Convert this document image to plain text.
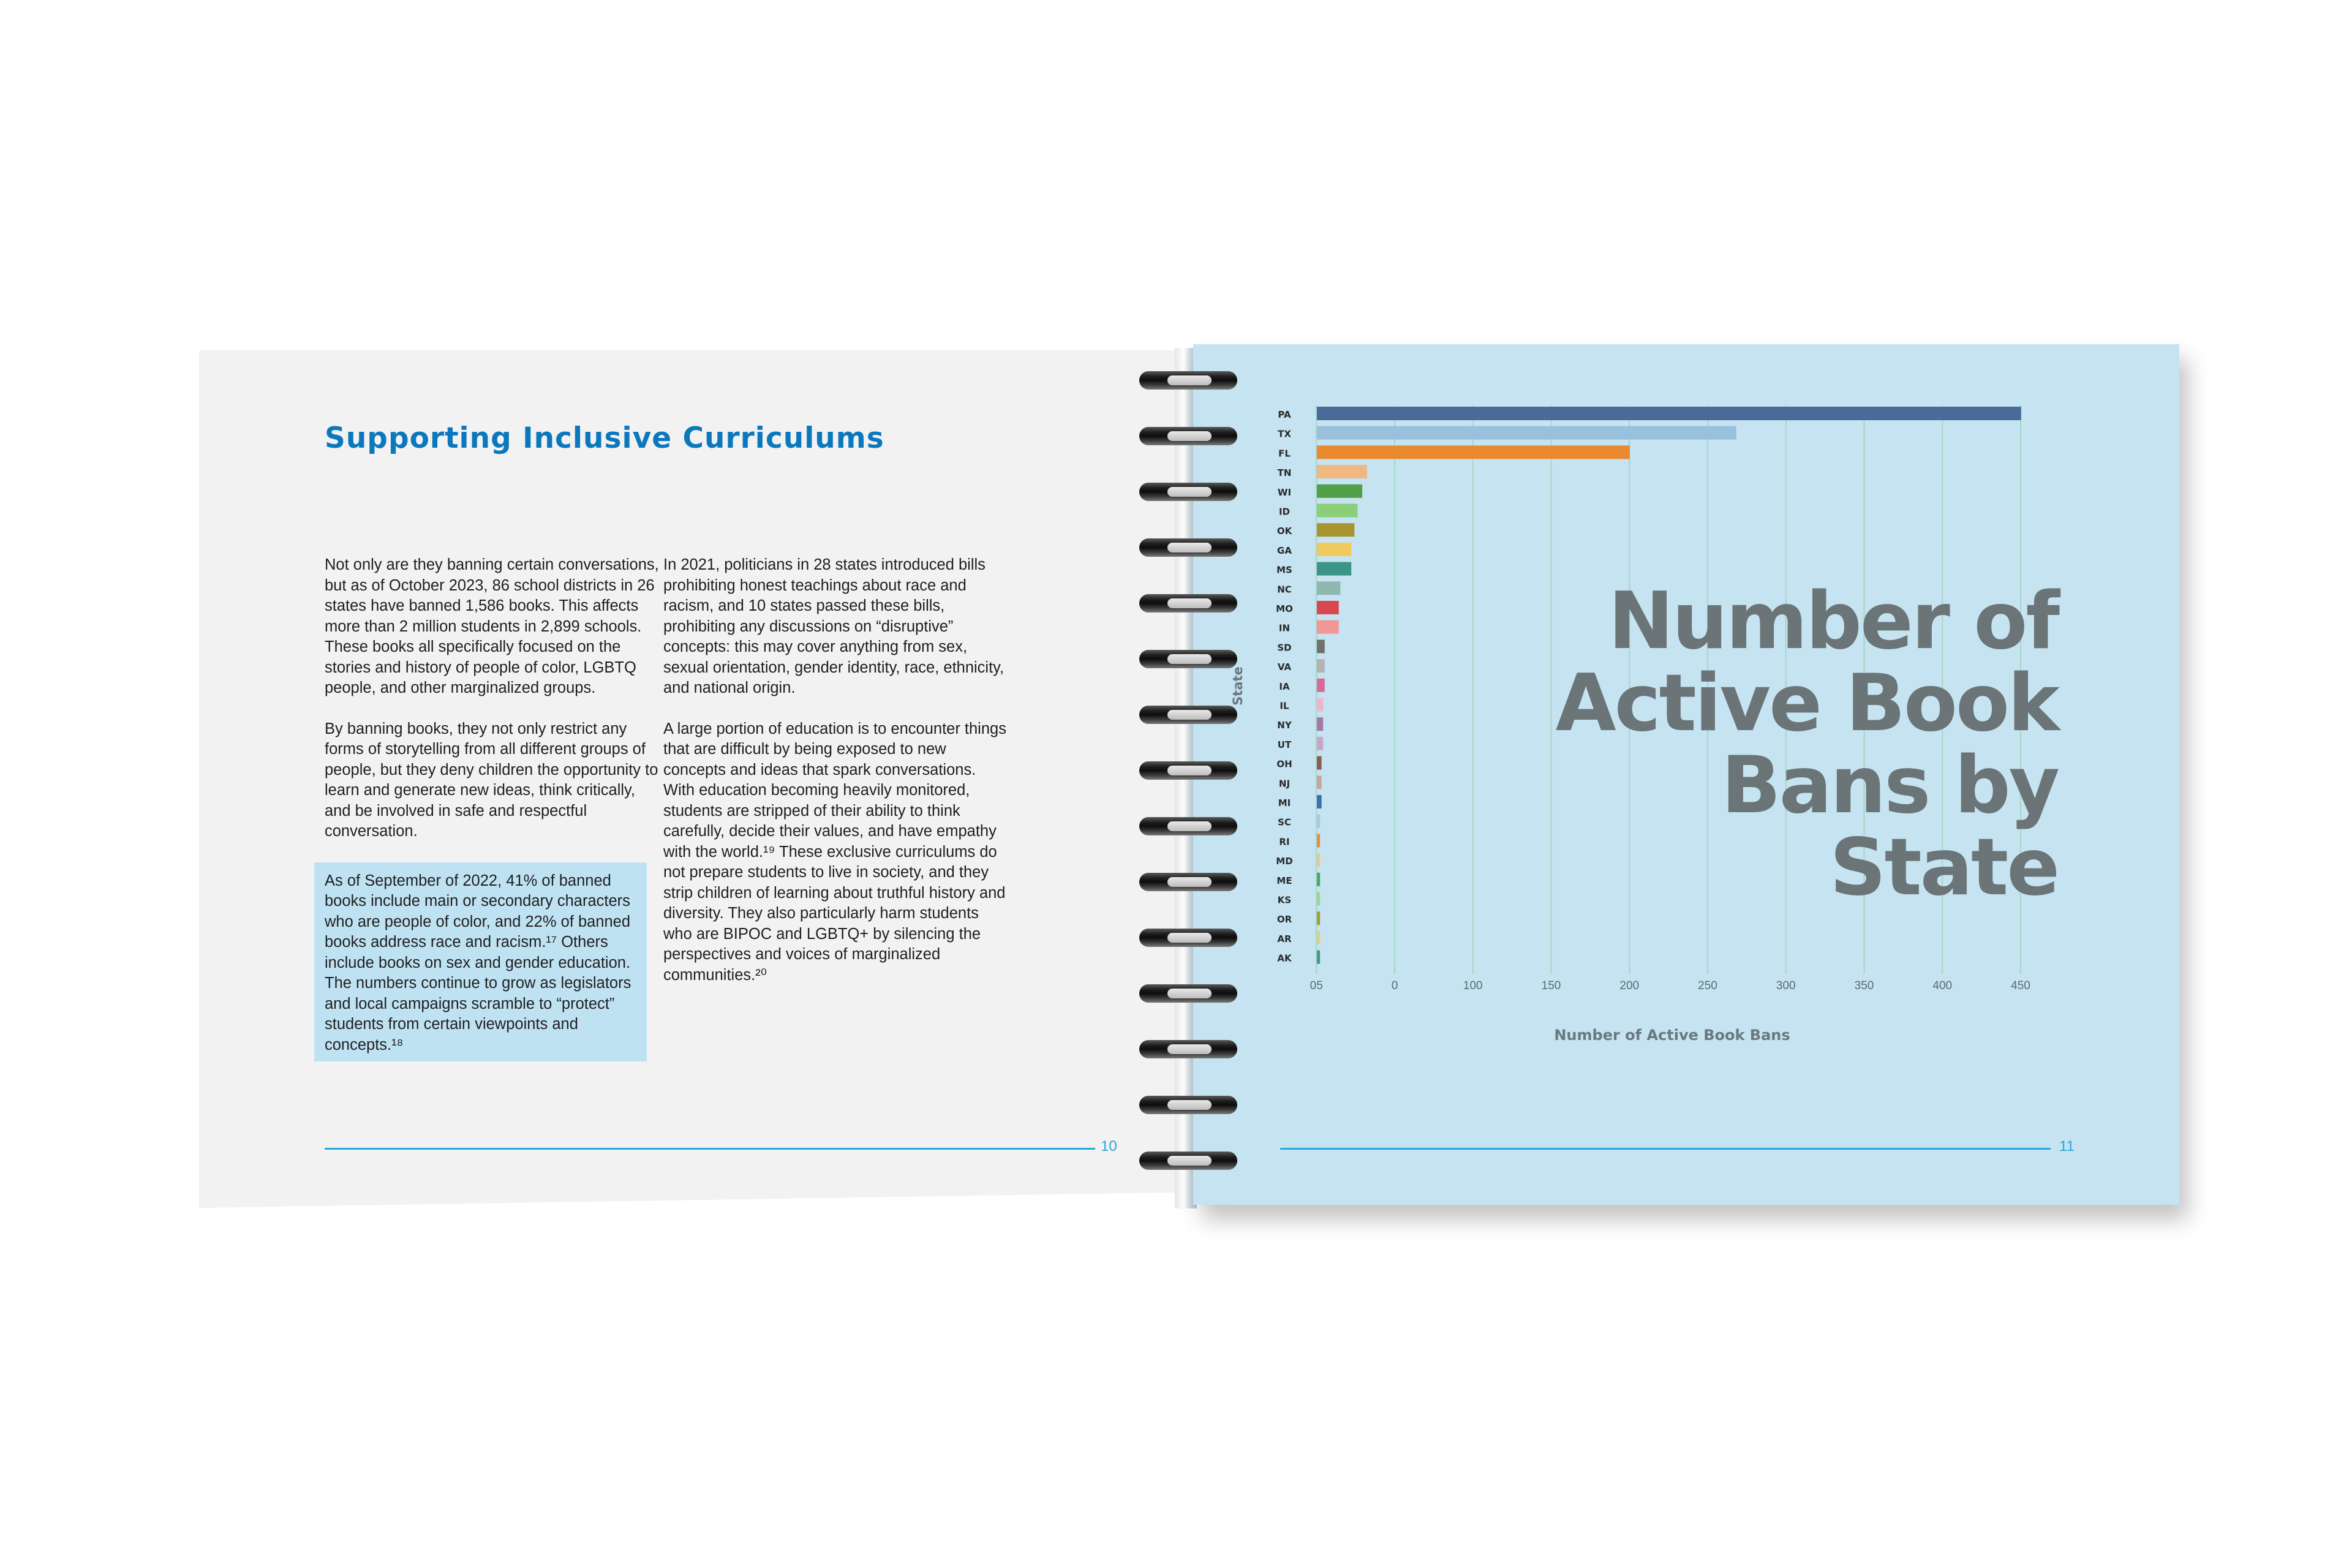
Supporting Inclusive Curriculums

Not only are they banning certain conversations, but as of October 2023, 86 school districts in 26 states have banned 1,586 books. This affects more than 2 million students in 2,899 schools. These books all specifically focused on the stories and history of people of color, LGBTQ people, and other marginalized groups.

By banning books, they not only restrict any forms of storytelling from all different groups of people, but they deny children the opportunity to learn and generate new ideas, think critically, and be involved in safe and respectful conversation.

As of September of 2022, 41% of banned books include main or secondary characters who are people of color, and 22% of banned books address race and racism.¹⁷ Others include books on sex and gender education. The numbers continue to grow as legislators and local campaigns scramble to “protect” students from certain viewpoints and concepts.¹⁸

In 2021, politicians in 28 states introduced bills prohibiting honest teachings about race and racism, and 10 states passed these bills, prohibiting any discussions on “disruptive” concepts: this may cover anything from sex, sexual orientation, gender identity, race, ethnicity, and national origin.

A large portion of education is to encounter things that are difficult by being exposed to new concepts and ideas that spark conversations. With education becoming heavily monitored, students are stripped of their ability to think carefully, decide their values, and have empathy with the world.¹⁹ These exclusive curriculums do not prepare students to live in society, and they strip children of learning about truthful history and diversity. They also particularly harm students who are BIPOC and LGBTQ+ by silencing the perspectives and voices of marginalized communities.²⁰

10	11
05	0	100	150	200	250	300	350	400	450
PA
TX
FL
TN
WI
ID
OK
GA
MS
NC
MO
IN
SD
VA
IA
IL
NY
UT
OH
NJ
MI
SC
RI
MD
ME
KS
OR
AR
AK
Number of Active Book Bans
State
Number of Active Book Bans by State
